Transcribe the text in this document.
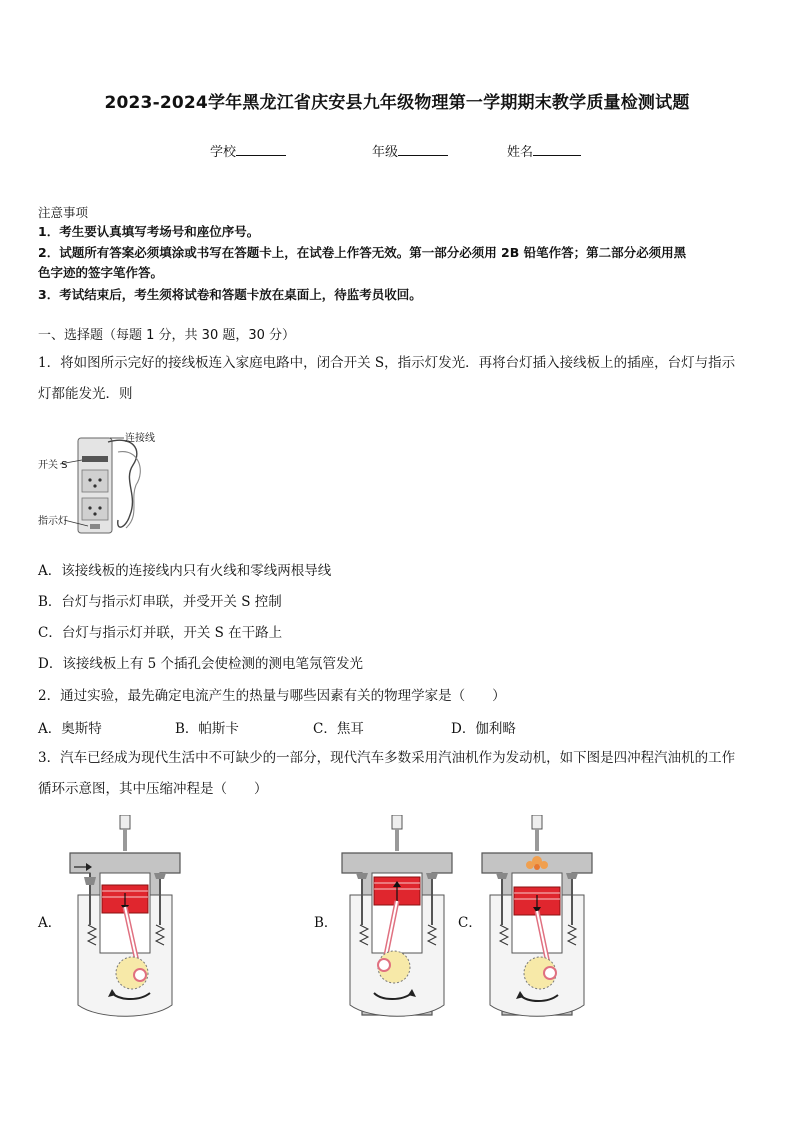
2023-2024学年黑龙江省庆安县九年级物理第一学期期末教学质量检测试题
学校	年级	姓名
注意事项
1．考生要认真填写考场号和座位序号。
2．试题所有答案必须填涂或书写在答题卡上，在试卷上作答无效。第一部分必须用 2B 铅笔作答；第二部分必须用黑
色字迹的签字笔作答。
3．考试结束后，考生须将试卷和答题卡放在桌面上，待监考员收回。
一、选择题（每题 1 分，共 30 题，30 分）
1．将如图所示完好的接线板连入家庭电路中，闭合开关 S，指示灯发光．再将台灯插入接线板上的插座，台灯与指示
灯都能发光．则
连接线
开关 S
指示灯
A．该接线板的连接线内只有火线和零线两根导线
B．台灯与指示灯串联，并受开关 S 控制
C．台灯与指示灯并联，开关 S 在干路上
D．该接线板上有 5 个插孔会使检测的测电笔氖管发光
2．通过实验，最先确定电流产生的热量与哪些因素有关的物理学家是（　　）
A．奥斯特	B．帕斯卡	C．焦耳	D．伽利略
3．汽车已经成为现代生活中不可缺少的一部分，现代汽车多数采用汽油机作为发动机，如下图是四冲程汽油机的工作
循环示意图，其中压缩冲程是（　　）
A．	B．	C．
